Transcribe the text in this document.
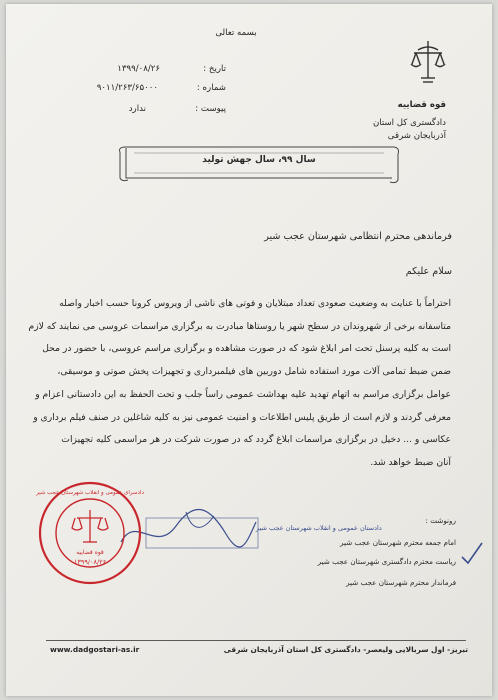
بسمه تعالی
تاریخ :
۱۳۹۹/۰۸/۲۶
شماره :
۹۰۱۱/۲۶۳/۶۵۰۰۰
پیوست :
ندارد	قوه قضاییه
دادگستری کل استان
آذربایجان شرقی
سال ۹۹، سال جهش تولید
فرماندهی محترم انتظامی شهرستان عجب شیر
سلام علیکم
احتراماً با عنایت به وضعیت صعودی تعداد مبتلایان و فوتی های ناشی از ویروس کرونا حسب اخبار واصله
متاسفانه برخی از شهروندان در سطح شهر یا روستاها مبادرت به برگزاری مراسمات عروسی می نمایند که لازم
است به کلیه پرسنل تحت امر ابلاغ شود که در صورت مشاهده و برگزاری مراسم عروسی، با حضور در محل
ضمن ضبط تمامی آلات مورد استفاده شامل دوربین های فیلمبرداری و تجهیزات پخش صوتی و موسیقی،
عوامل برگزاری مراسم به اتهام تهدید علیه بهداشت عمومی راساً جلب و تحت الحفظ به این دادستانی اعزام و
معرفی گردند و لازم است از طریق پلیس اطلاعات و امنیت عمومی نیز به کلیه شاغلین در صنف فیلم برداری و
عکاسی و ... دخیل در برگزاری مراسمات ابلاغ گردد که در صورت شرکت در هر مراسمی کلیه تجهیزات
آنان ضبط خواهد شد.
رونوشت :
امام جمعه محترم شهرستان عجب شیر
ریاست محترم دادگستری شهرستان عجب شیر
فرماندار محترم شهرستان عجب شیر
دادستان عمومی و انقلاب شهرستان عجب شیر
قوه قضاییه
۱۳۹۹/۰۸/۲۶
دادسرای عمومی و انقلاب شهرستان عجب شیر
www.dadgostari-as.ir	تبریز- اول سربالایی ولیعصر- دادگستری کل استان آذربایجان شرقی
